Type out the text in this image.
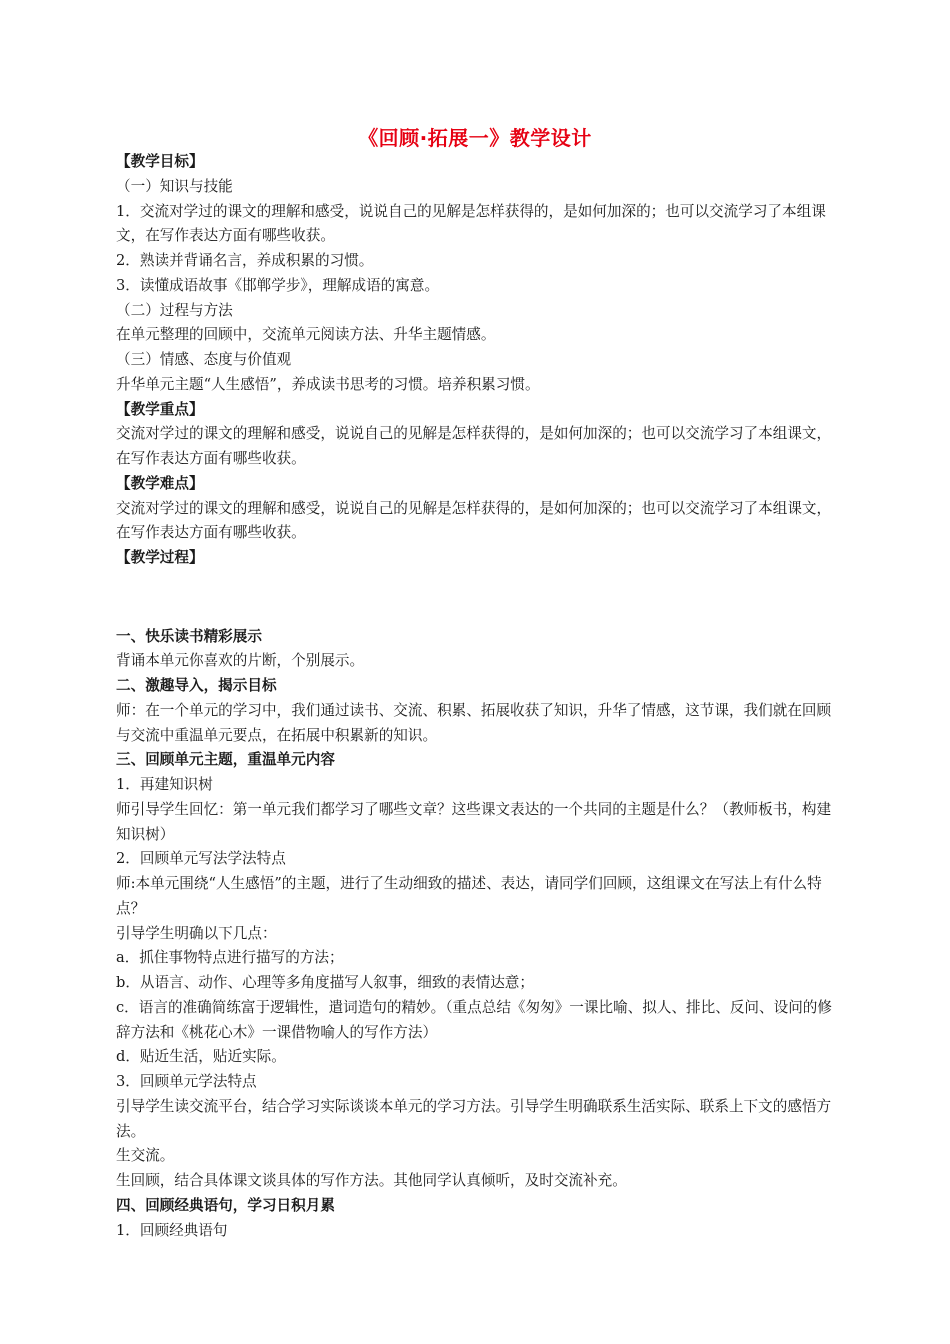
《回顾·拓展一》教学设计

【教学目标】

（一）知识与技能

1．交流对学过的课文的理解和感受，说说自己的见解是怎样获得的，是如何加深的；也可以交流学习了本组课文，在写作表达方面有哪些收获。

2．熟读并背诵名言，养成积累的习惯。

3．读懂成语故事《邯郸学步》，理解成语的寓意。

（二）过程与方法

在单元整理的回顾中，交流单元阅读方法、升华主题情感。

（三）情感、态度与价值观

升华单元主题“人生感悟”，养成读书思考的习惯。培养积累习惯。

【教学重点】

交流对学过的课文的理解和感受，说说自己的见解是怎样获得的，是如何加深的；也可以交流学习了本组课文，在写作表达方面有哪些收获。

【教学难点】

交流对学过的课文的理解和感受，说说自己的见解是怎样获得的，是如何加深的；也可以交流学习了本组课文，在写作表达方面有哪些收获。

【教学过程】

一、快乐读书精彩展示

背诵本单元你喜欢的片断，个别展示。

二、激趣导入，揭示目标

师：在一个单元的学习中，我们通过读书、交流、积累、拓展收获了知识，升华了情感，这节课，我们就在回顾与交流中重温单元要点，在拓展中积累新的知识。

三、回顾单元主题，重温单元内容

1．再建知识树

师引导学生回忆：第一单元我们都学习了哪些文章？这些课文表达的一个共同的主题是什么？（教师板书，构建知识树）

2．回顾单元写法学法特点

师:本单元围绕“人生感悟”的主题，进行了生动细致的描述、表达，请同学们回顾，这组课文在写法上有什么特点？

引导学生明确以下几点：

a．抓住事物特点进行描写的方法；

b．从语言、动作、心理等多角度描写人叙事，细致的表情达意；

c．语言的准确简练富于逻辑性，遣词造句的精妙。（重点总结《匆匆》一课比喻、拟人、排比、反问、设问的修辞方法和《桃花心木》一课借物喻人的写作方法）

d．贴近生活，贴近实际。

3．回顾单元学法特点

引导学生读交流平台，结合学习实际谈谈本单元的学习方法。引导学生明确联系生活实际、联系上下文的感悟方法。

生交流。

生回顾，结合具体课文谈具体的写作方法。其他同学认真倾听，及时交流补充。

四、回顾经典语句，学习日积月累

1．回顾经典语句
